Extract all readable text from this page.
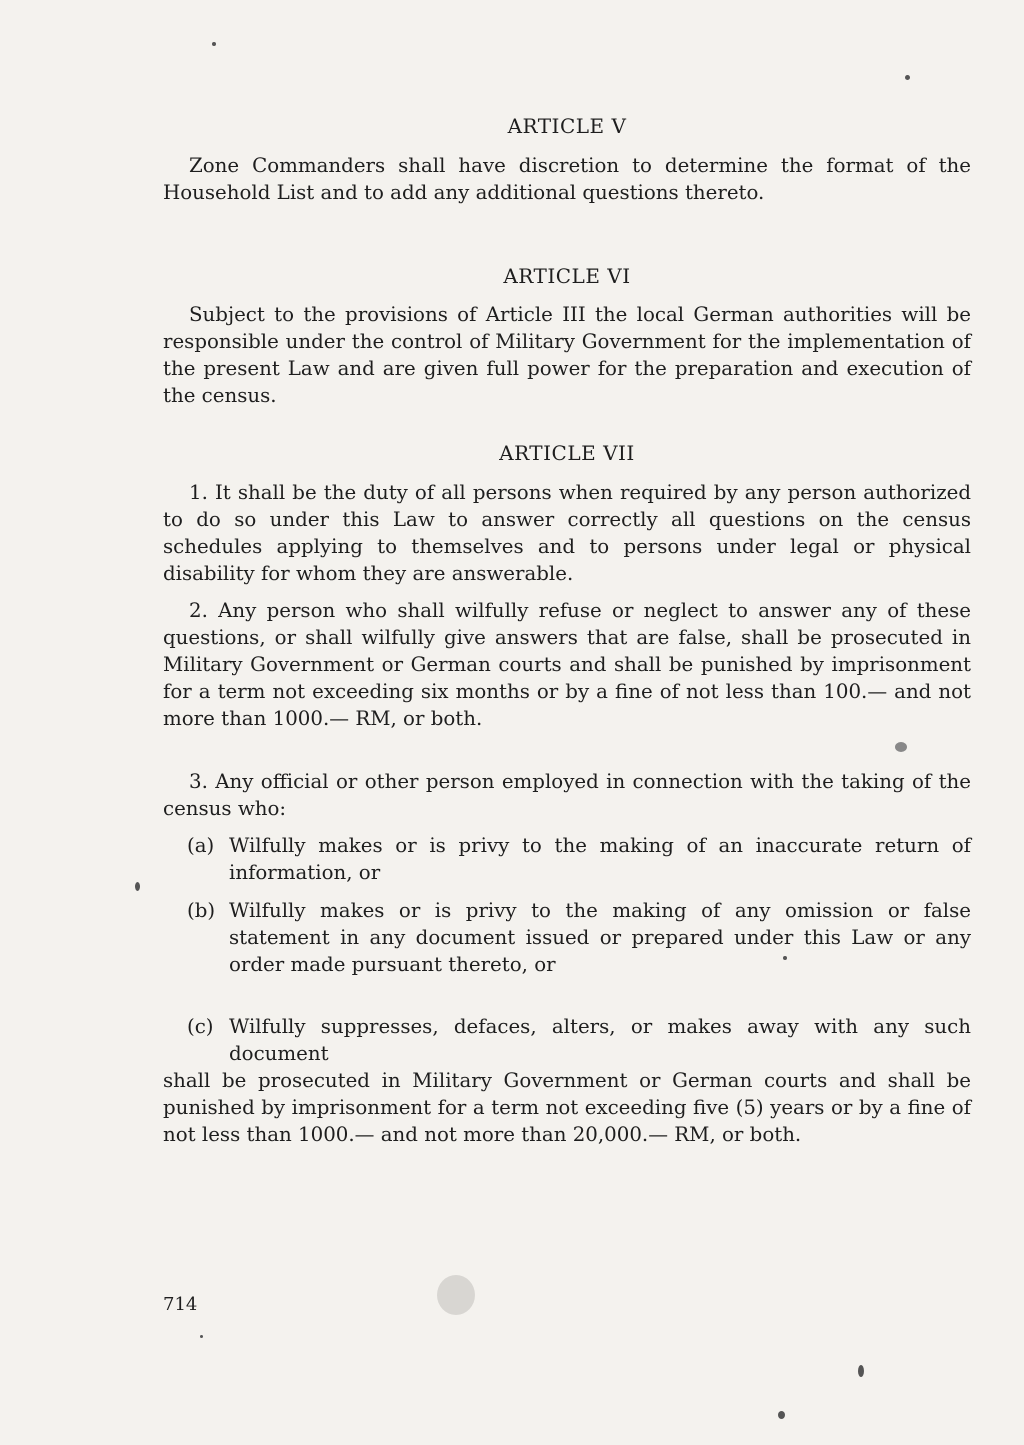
ARTICLE V
Zone Commanders shall have discretion to determine the format of the Household List and to add any additional questions thereto.
ARTICLE VI
Subject to the provisions of Article III the local German authorities will be responsible under the control of Military Government for the implementation of the present Law and are given full power for the preparation and execution of the census.
ARTICLE VII
1. It shall be the duty of all persons when required by any person authorized to do so under this Law to answer correctly all questions on the census schedules applying to themselves and to persons under legal or physical disability for whom they are answerable.
2. Any person who shall wilfully refuse or neglect to answer any of these questions, or shall wilfully give answers that are false, shall be prosecuted in Military Government or German courts and shall be punished by imprisonment for a term not exceeding six months or by a fine of not less than 100.— and not more than 1000.— RM, or both.
3. Any official or other person employed in connection with the taking of the census who:
(a) Wilfully makes or is privy to the making of an inaccurate return of information, or
(b) Wilfully makes or is privy to the making of any omission or false statement in any document issued or prepared under this Law or any order made pursuant thereto, or
(c) Wilfully suppresses, defaces, alters, or makes away with any such document
shall be prosecuted in Military Government or German courts and shall be punished by imprisonment for a term not exceeding five (5) years or by a fine of not less than 1000.— and not more than 20,000.— RM, or both.
714
